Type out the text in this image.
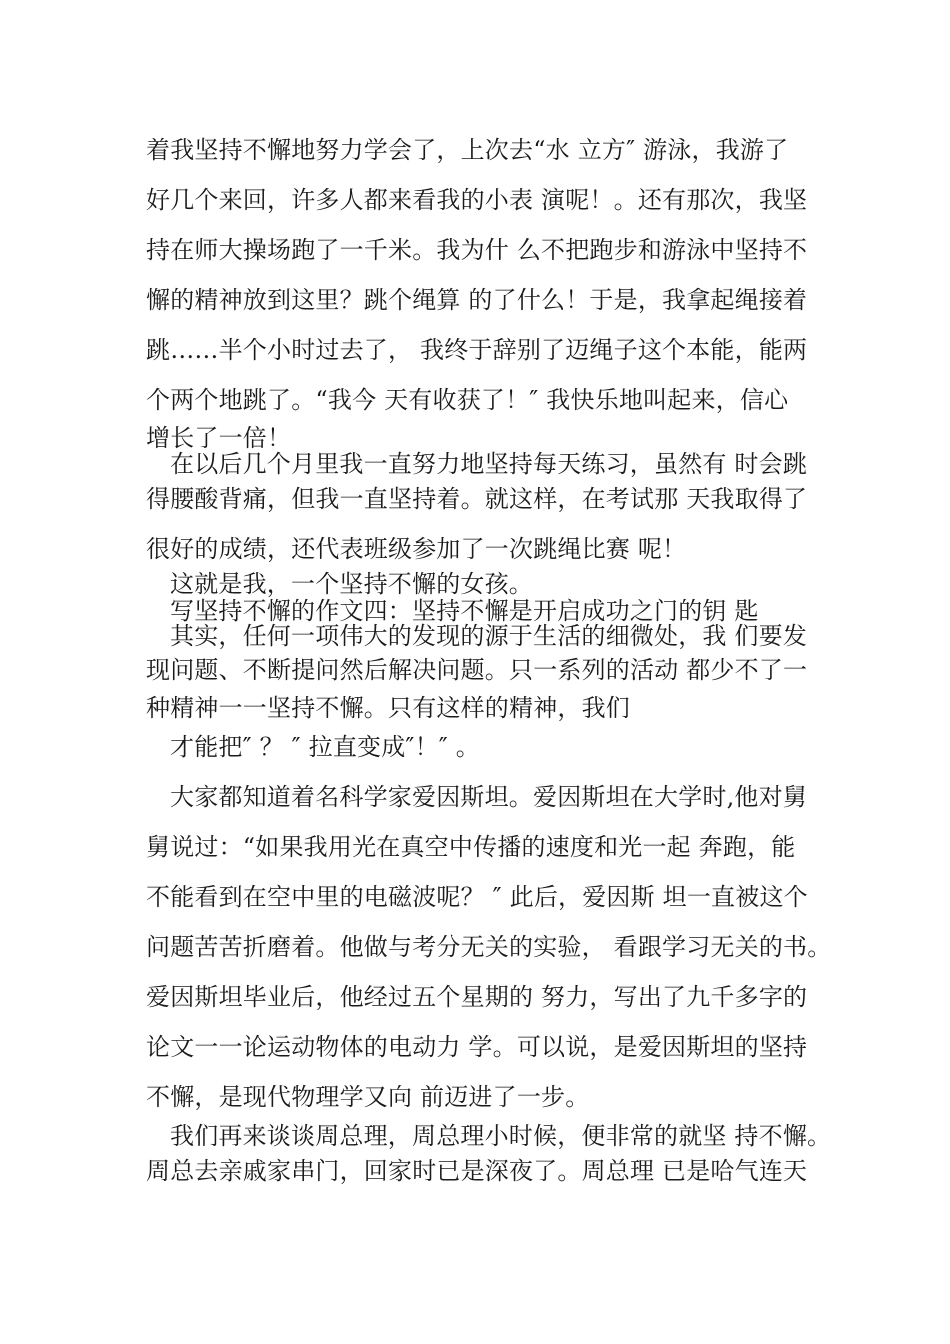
着我坚持不懈地努力学会了，上次去“水 立方″ 游泳，我游了

好几个来回，许多人都来看我的小表 演呢！。还有那次，我坚

持在师大操场跑了一千米。我为什 么不把跑步和游泳中坚持不

懈的精神放到这里？跳个绳算 的了什么！于是，我拿起绳接着

跳……半个小时过去了， 我终于辞别了迈绳子这个本能，能两

个两个地跳了。“我今 天有收获了！″ 我快乐地叫起来，信心

增长了一倍！

在以后几个月里我一直努力地坚持每天练习，虽然有 时会跳

得腰酸背痛，但我一直坚持着。就这样，在考试那 天我取得了

很好的成绩，还代表班级参加了一次跳绳比赛 呢！

这就是我，一个坚持不懈的女孩。

写坚持不懈的作文四：坚持不懈是开启成功之门的钥 匙

其实，任何一项伟大的发现的源于生活的细微处，我 们要发

现问题、不断提问然后解决问题。只一系列的活动 都少不了一

种精神一一坚持不懈。只有这样的精神，我们

才能把″ ？ ″ 拉直变成″！″ 。

大家都知道着名科学家爱因斯坦。爱因斯坦在大学时,他对舅

舅说过：“如果我用光在真空中传播的速度和光一起 奔跑，能

不能看到在空中里的电磁波呢？ ″ 此后，爱因斯 坦一直被这个

问题苦苦折磨着。他做与考分无关的实验， 看跟学习无关的书。

爱因斯坦毕业后，他经过五个星期的 努力，写出了九千多字的

论文一一论运动物体的电动力 学。可以说，是爱因斯坦的坚持

不懈，是现代物理学又向 前迈进了一步。

我们再来谈谈周总理，周总理小时候，便非常的就坚 持不懈。

周总去亲戚家串门，回家时已是深夜了。周总理 已是哈气连天
